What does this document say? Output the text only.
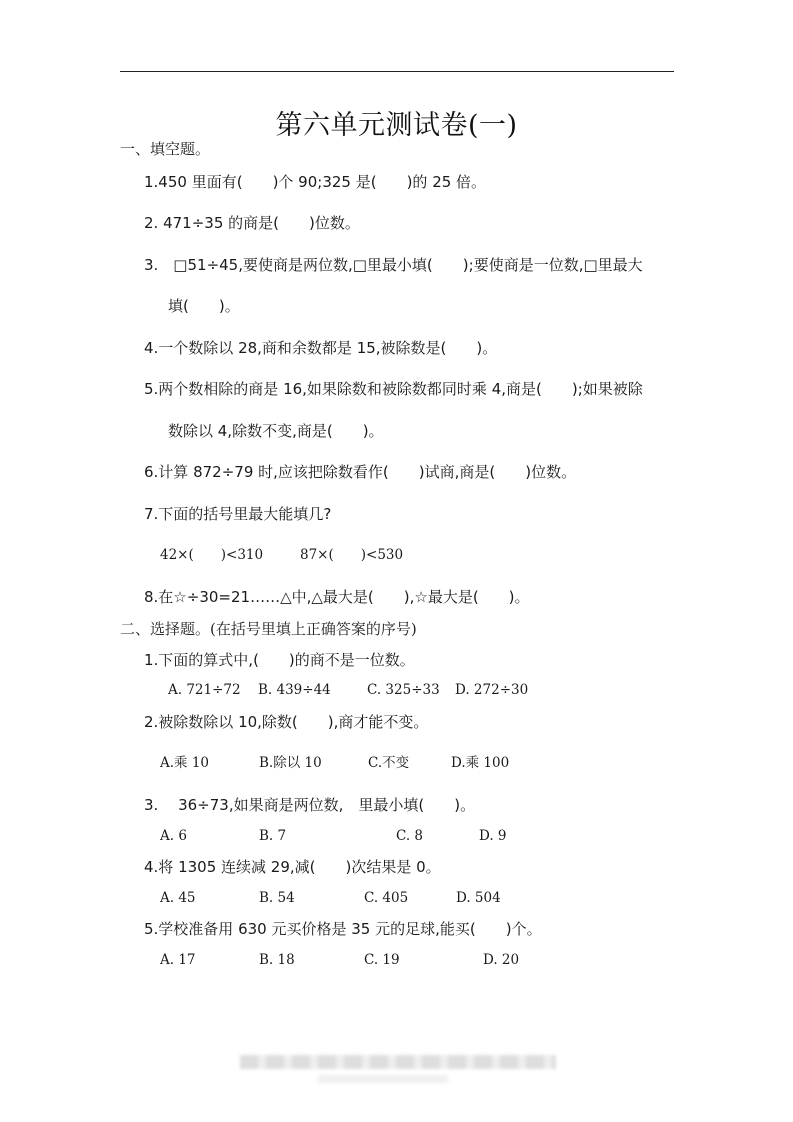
第六单元测试卷(一)
一、填空题。
1.450 里面有(　　)个 90;325 是(　　)的 25 倍。
2. 471÷35 的商是(　　)位数。
3.　□51÷45,要使商是两位数,□里最小填(　　);要使商是一位数,□里最大
填(　　)。
4.一个数除以 28,商和余数都是 15,被除数是(　　)。
5.两个数相除的商是 16,如果除数和被除数都同时乘 4,商是(　　);如果被除
数除以 4,除数不变,商是(　　)。
6.计算 872÷79 时,应该把除数看作(　　)试商,商是(　　)位数。
7.下面的括号里最大能填几?
42×(　　)<310	87×(　　)<530
8.在☆÷30=21……△中,△最大是(　　),☆最大是(　　)。
二、选择题。(在括号里填上正确答案的序号)
1.下面的算式中,(　　)的商不是一位数。
A. 721÷72 B. 439÷44	C. 325÷33 D. 272÷30
2.被除数除以 10,除数(　　),商才能不变。
A.乘 10	B.除以 10	C.不变	D.乘 100
3.　 36÷73,如果商是两位数,　里最小填(　　)。
A. 6	B. 7	C. 8	D. 9
4.将 1305 连续减 29,减(　　)次结果是 0。
A. 45	B. 54	C. 405	D. 504
5.学校准备用 630 元买价格是 35 元的足球,能买(　　)个。
A. 17	B. 18	C. 19	D. 20
